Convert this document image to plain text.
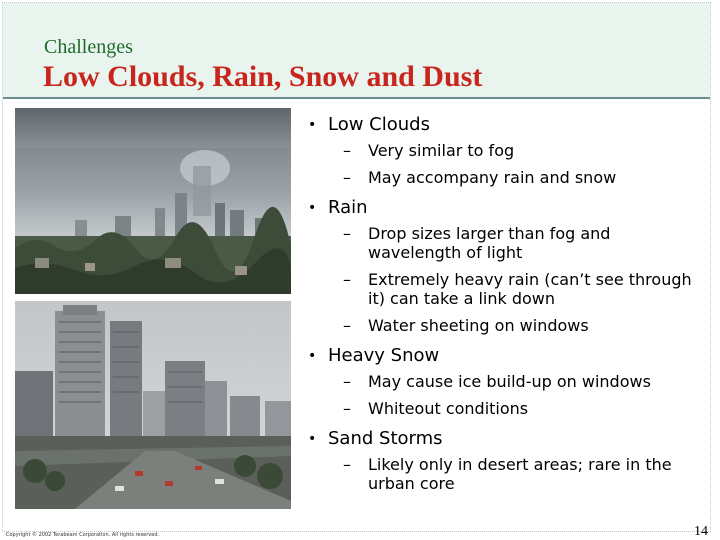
Challenges
Low Clouds, Rain, Snow and Dust
• Low Clouds
– Very similar to fog
– May accompany rain and snow
• Rain
– Drop sizes larger than fog and wavelength of light
– Extremely heavy rain (can’t see through it) can take a link down
– Water sheeting on windows
• Heavy Snow
– May cause ice build-up on windows
– Whiteout conditions
• Sand Storms
– Likely only in desert areas; rare in the urban core
Copyright © 2002 Terabeam Corporation. All rights reserved.	14
